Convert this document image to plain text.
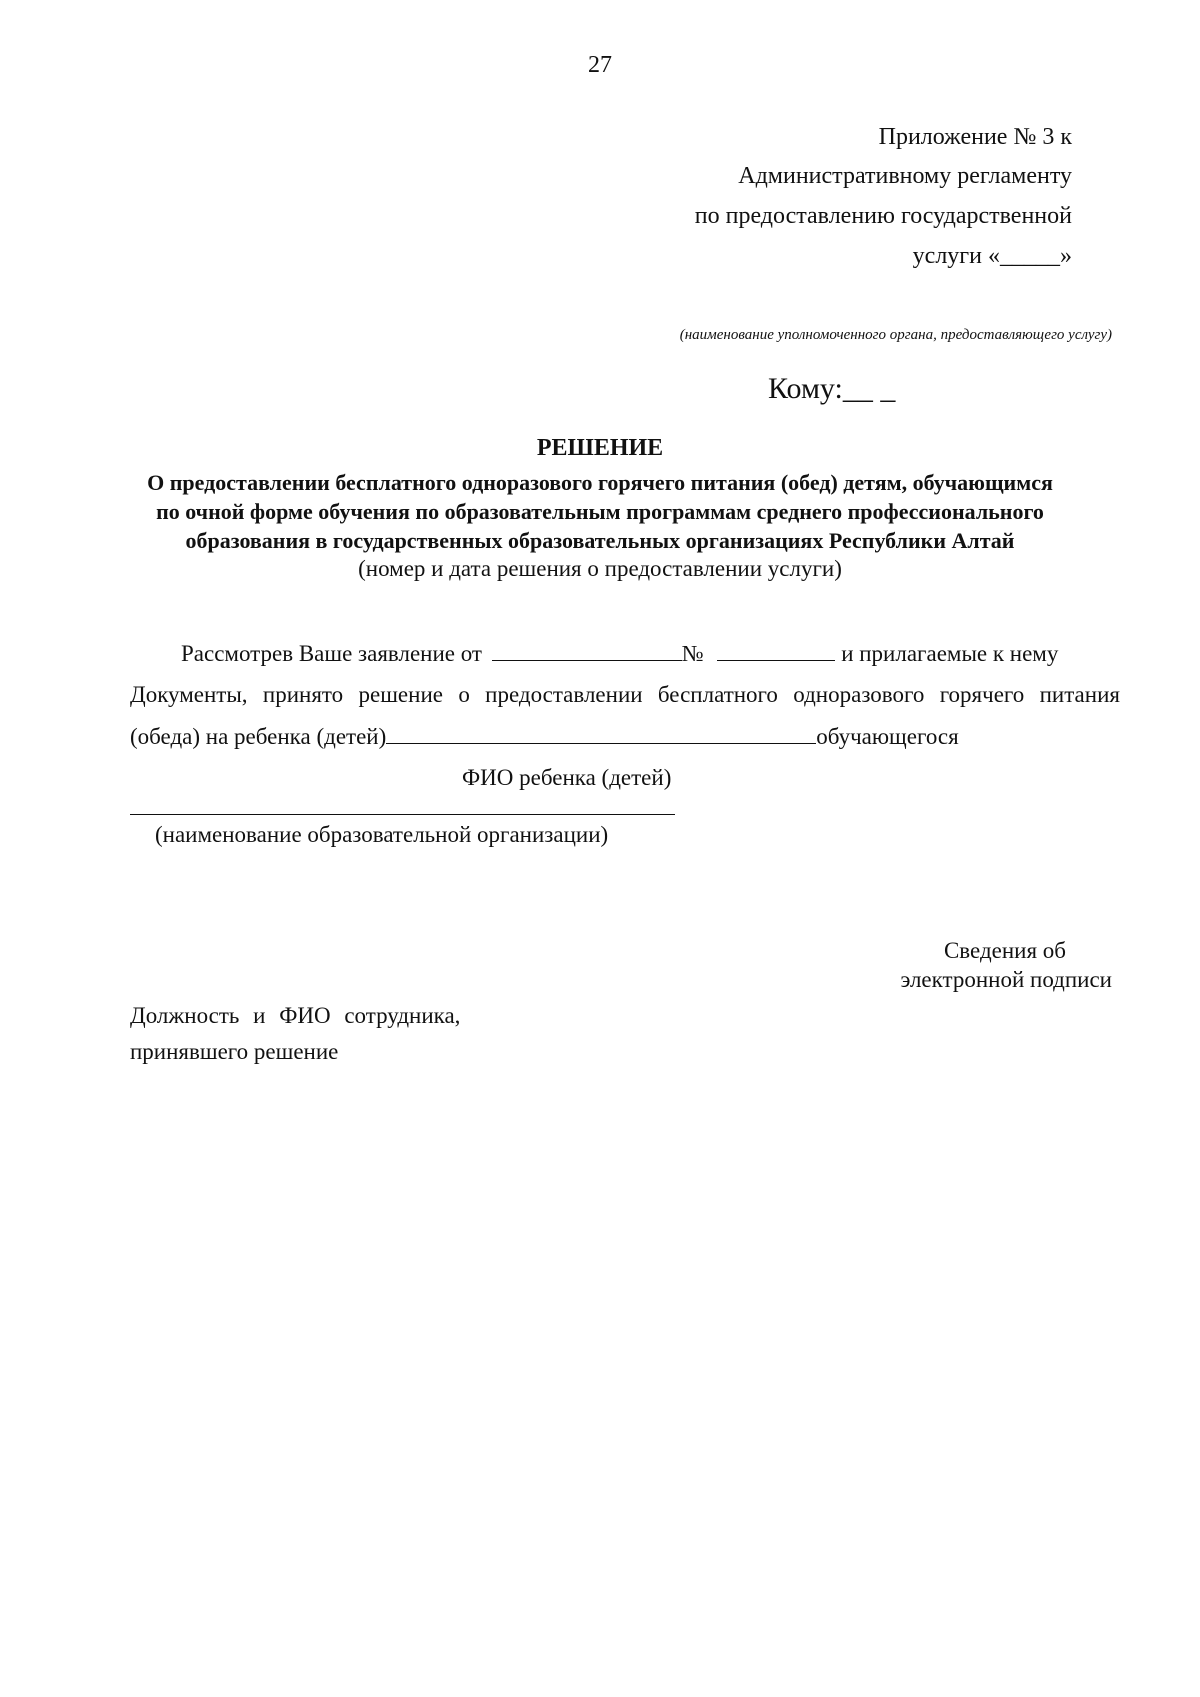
27
Приложение № 3 к
Административному регламенту
по предоставлению государственной
услуги «_____»
(наименование уполномоченного органа, предоставляющего услугу)
Кому:__ _
РЕШЕНИЕ
О предоставлении бесплатного одноразового горячего питания (обед) детям, обучающимся
по очной форме обучения по образовательным программам среднего профессионального
образования в государственных образовательных организациях Республики Алтай
(номер и дата решения о предоставлении услуги)
Рассмотрев Ваше заявление от	№	и прилагаемые к нему
Документы, принято решение о предоставлении бесплатного одноразового горячего питания
(обеда) на ребенка (детей)	обучающегося
ФИО ребенка (детей)
(наименование образовательной организации)
Сведения об
электронной подписи
Должность и ФИО сотрудника,
принявшего решение
